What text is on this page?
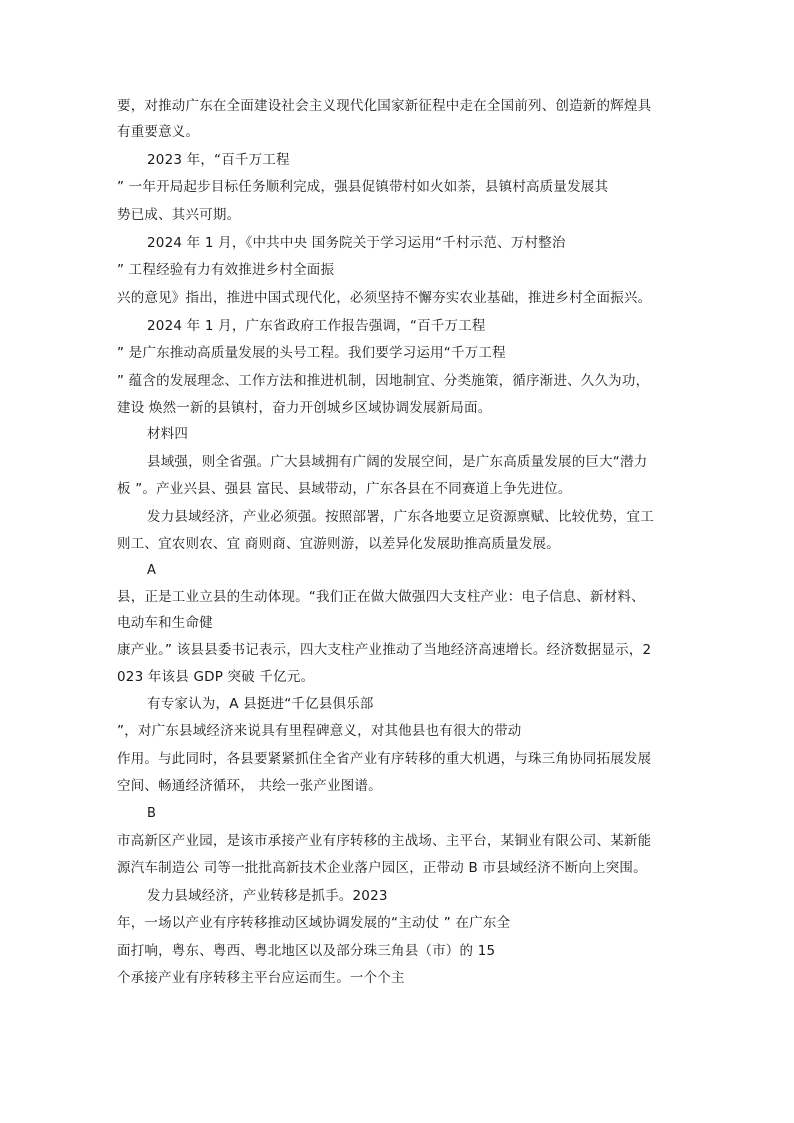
要，对推动广东在全面建设社会主义现代化国家新征程中走在全国前列、创造新的辉煌具
有重要意义。
2023 年，“百千万工程
” 一年开局起步目标任务顺利完成，强县促镇带村如火如荼，县镇村高质量发展其
势已成、其兴可期。
2024 年 1 月，《中共中央 国务院关于学习运用“千村示范、万村整治
” 工程经验有力有效推进乡村全面振
兴的意见》指出，推进中国式现代化，必须坚持不懈夯实农业基础，推进乡村全面振兴。
2024 年 1 月，广东省政府工作报告强调，“百千万工程
” 是广东推动高质量发展的头号工程。我们要学习运用“千万工程
” 蕴含的发展理念、工作方法和推进机制，因地制宜、分类施策，循序渐进、久久为功，
建设 焕然一新的县镇村，奋力开创城乡区域协调发展新局面。
材料四
县域强，则全省强。广大县域拥有广阔的发展空间，是广东高质量发展的巨大“潜力
板 ”。产业兴县、强县 富民、县域带动，广东各县在不同赛道上争先进位。
发力县域经济，产业必须强。按照部署，广东各地要立足资源禀赋、比较优势，宜工
则工、宜农则农、宜 商则商、宜游则游，以差异化发展助推高质量发展。
A
县，正是工业立县的生动体现。“我们正在做大做强四大支柱产业：电子信息、新材料、
电动车和生命健
康产业。” 该县县委书记表示，四大支柱产业推动了当地经济高速增长。经济数据显示，2
023 年该县 GDP 突破 千亿元。
有专家认为，A 县挺进“千亿县俱乐部
”，对广东县域经济来说具有里程碑意义，对其他县也有很大的带动
作用。与此同时，各县要紧紧抓住全省产业有序转移的重大机遇，与珠三角协同拓展发展
空间、畅通经济循环， 共绘一张产业图谱。
B
市高新区产业园，是该市承接产业有序转移的主战场、主平台，某铜业有限公司、某新能
源汽车制造公 司等一批批高新技术企业落户园区，正带动 B 市县域经济不断向上突围。
发力县域经济，产业转移是抓手。2023
年，一场以产业有序转移推动区域协调发展的“主动仗 ” 在广东全
面打响，粤东、粤西、粤北地区以及部分珠三角县（市）的 15
个承接产业有序转移主平台应运而生。一个个主
